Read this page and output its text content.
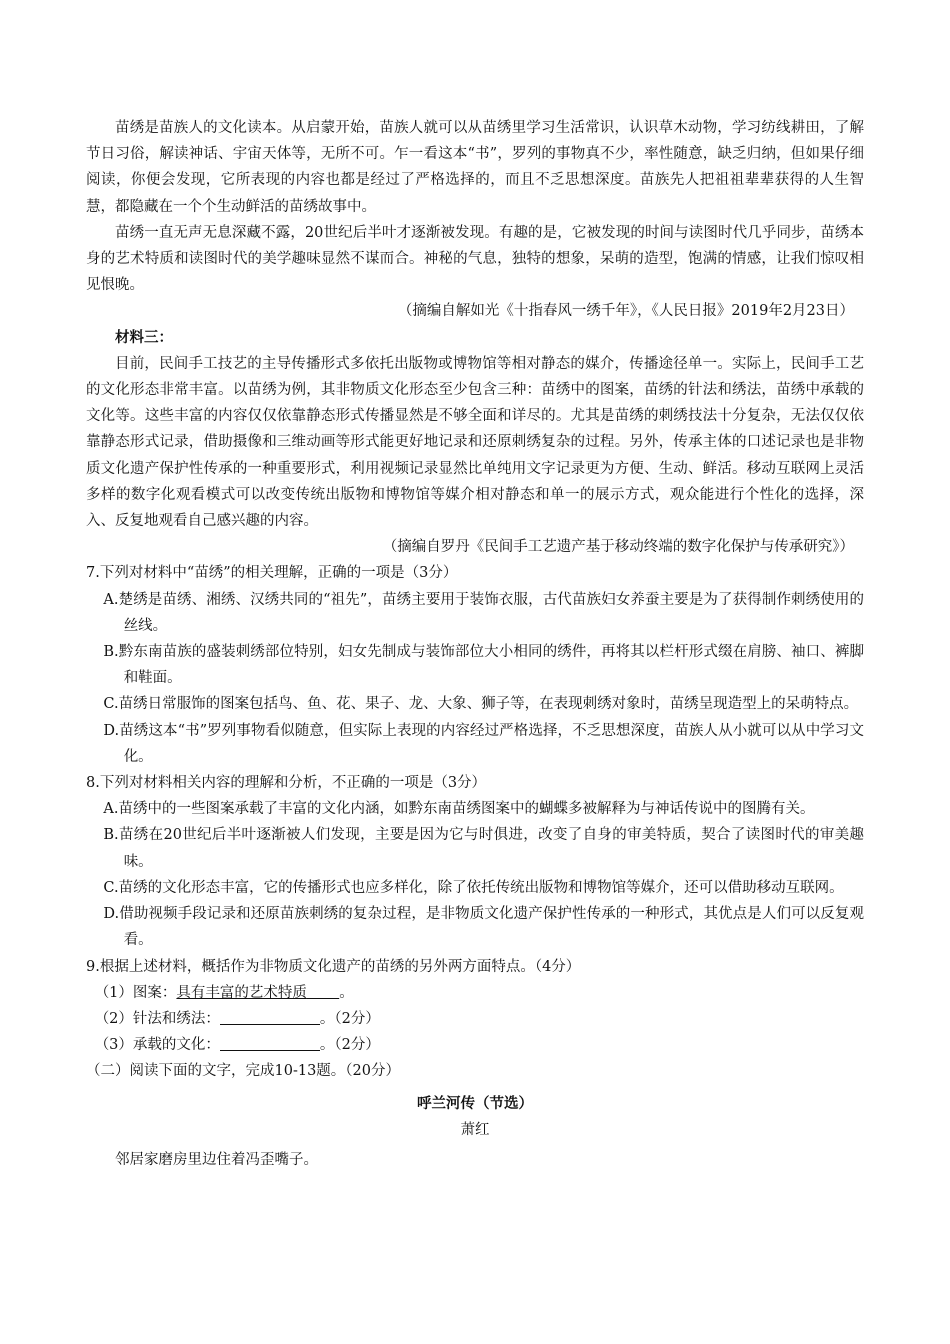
苗绣是苗族人的文化读本。从启蒙开始，苗族人就可以从苗绣里学习生活常识，认识草木动物，学习纺线耕田，了解节日习俗，解读神话、宇宙天体等，无所不可。乍一看这本“书”，罗列的事物真不少，率性随意，缺乏归纳，但如果仔细阅读，你便会发现，它所表现的内容也都是经过了严格选择的，而且不乏思想深度。苗族先人把祖祖辈辈获得的人生智慧，都隐藏在一个个生动鲜活的苗绣故事中。

苗绣一直无声无息深藏不露，20世纪后半叶才逐渐被发现。有趣的是，它被发现的时间与读图时代几乎同步，苗绣本身的艺术特质和读图时代的美学趣味显然不谋而合。神秘的气息，独特的想象，呆萌的造型，饱满的情感，让我们惊叹相见恨晚。

（摘编自解如光《十指春风一绣千年》，《人民日报》2019年2月23日）

材料三：

目前，民间手工技艺的主导传播形式多依托出版物或博物馆等相对静态的媒介，传播途径单一。实际上，民间手工艺的文化形态非常丰富。以苗绣为例，其非物质文化形态至少包含三种：苗绣中的图案，苗绣的针法和绣法，苗绣中承载的文化等。这些丰富的内容仅仅依靠静态形式传播显然是不够全面和详尽的。尤其是苗绣的刺绣技法十分复杂，无法仅仅依靠静态形式记录，借助摄像和三维动画等形式能更好地记录和还原刺绣复杂的过程。另外，传承主体的口述记录也是非物质文化遗产保护性传承的一种重要形式，利用视频记录显然比单纯用文字记录更为方便、生动、鲜活。移动互联网上灵活多样的数字化观看模式可以改变传统出版物和博物馆等媒介相对静态和单一的展示方式，观众能进行个性化的选择，深入、反复地观看自己感兴趣的内容。

（摘编自罗丹《民间手工艺遗产基于移动终端的数字化保护与传承研究》）

7.下列对材料中“苗绣”的相关理解，正确的一项是（3分）

A.楚绣是苗绣、湘绣、汉绣共同的“祖先”，苗绣主要用于装饰衣服，古代苗族妇女养蚕主要是为了获得制作刺绣使用的丝线。

B.黔东南苗族的盛装刺绣部位特别，妇女先制成与装饰部位大小相同的绣件，再将其以栏杆形式缀在肩膀、袖口、裤脚和鞋面。

C.苗绣日常服饰的图案包括鸟、鱼、花、果子、龙、大象、狮子等，在表现刺绣对象时，苗绣呈现造型上的呆萌特点。

D.苗绣这本“书”罗列事物看似随意，但实际上表现的内容经过严格选择，不乏思想深度，苗族人从小就可以从中学习文化。

8.下列对材料相关内容的理解和分析，不正确的一项是（3分）

A.苗绣中的一些图案承载了丰富的文化内涵，如黔东南苗绣图案中的蝴蝶多被解释为与神话传说中的图腾有关。

B.苗绣在20世纪后半叶逐渐被人们发现，主要是因为它与时俱进，改变了自身的审美特质，契合了读图时代的审美趣味。

C.苗绣的文化形态丰富，它的传播形式也应多样化，除了依托传统出版物和博物馆等媒介，还可以借助移动互联网。

D.借助视频手段记录和还原苗族刺绣的复杂过程，是非物质文化遗产保护性传承的一种形式，其优点是人们可以反复观看。

9.根据上述材料，概括作为非物质文化遗产的苗绣的另外两方面特点。（4分）

（1）图案：具有丰富的艺术特质 。

（2）针法和绣法：	。（2分）

（3）承载的文化：	。（2分）

（二）阅读下面的文字，完成10-13题。（20分）

呼兰河传（节选）

萧红

邻居家磨房里边住着冯歪嘴子。
